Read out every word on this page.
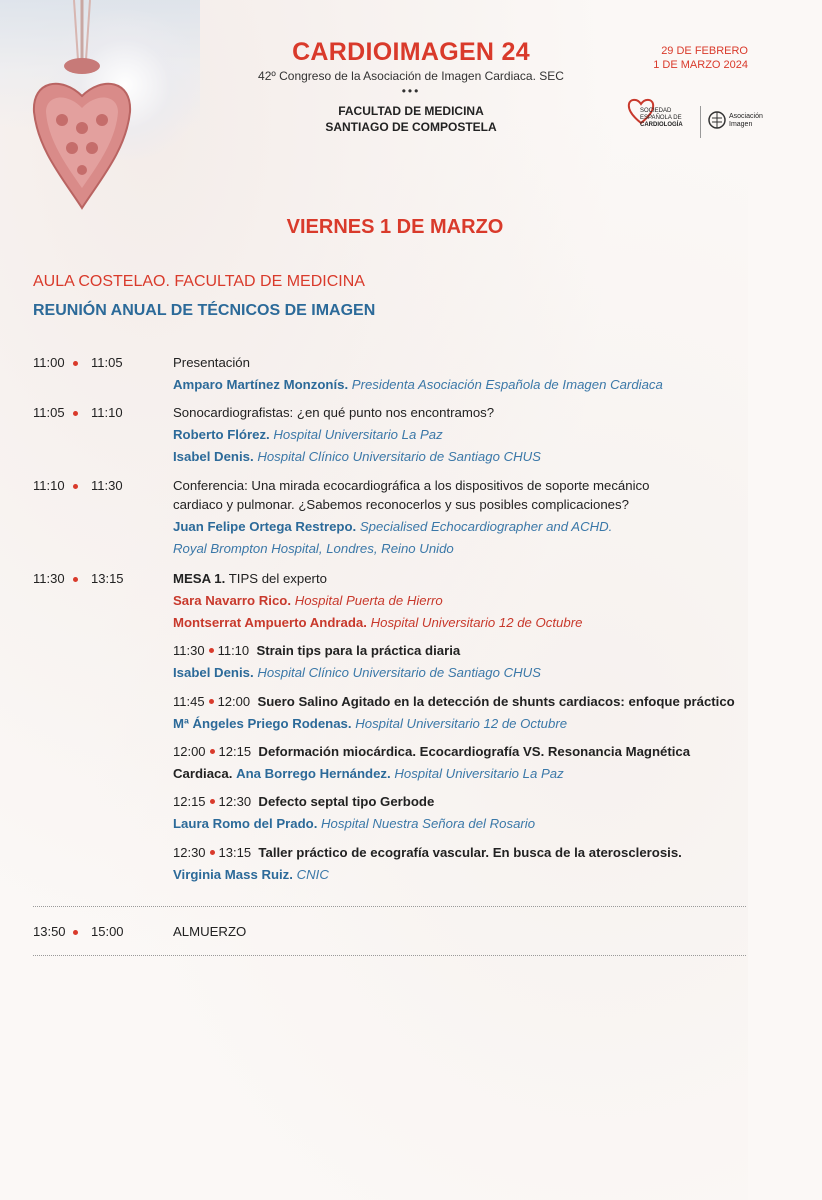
CARDIOIMAGEN 24
42º Congreso de la Asociación de Imagen Cardiaca. SEC
•••
FACULTAD DE MEDICINA
SANTIAGO DE COMPOSTELA
29 DE FEBRERO
1 DE MARZO 2024
SOCIEDAD
ESPAÑOLA DE
CARDIOLOGÍA
Asociación
Imagen
VIERNES 1 DE MARZO
AULA COSTELAO. FACULTAD DE MEDICINA
REUNIÓN ANUAL DE TÉCNICOS DE IMAGEN
11:00 11:05	Presentación
Amparo Martínez Monzonís. Presidenta Asociación Española de Imagen Cardiaca
11:05 11:10	Sonocardiografistas: ¿en qué punto nos encontramos?
Roberto Flórez. Hospital Universitario La Paz
Isabel Denis. Hospital Clínico Universitario de Santiago CHUS
11:10 11:30	Conferencia: Una mirada ecocardiográfica a los dispositivos de soporte mecánico
cardiaco y pulmonar. ¿Sabemos reconocerlos y sus posibles complicaciones?
Juan Felipe Ortega Restrepo. Specialised Echocardiographer and ACHD.
Royal Brompton Hospital, Londres, Reino Unido
11:30 13:15	MESA 1. TIPS del experto
Sara Navarro Rico. Hospital Puerta de Hierro
Montserrat Ampuerto Andrada. Hospital Universitario 12 de Octubre
11:30 11:10 Strain tips para la práctica diaria
Isabel Denis. Hospital Clínico Universitario de Santiago CHUS
11:45 12:00 Suero Salino Agitado en la detección de shunts cardiacos: enfoque práctico
Mª Ángeles Priego Rodenas. Hospital Universitario 12 de Octubre
12:00 12:15 Deformación miocárdica. Ecocardiografía VS. Resonancia Magnética
Cardiaca. Ana Borrego Hernández. Hospital Universitario La Paz
12:15 12:30 Defecto septal tipo Gerbode
Laura Romo del Prado. Hospital Nuestra Señora del Rosario
12:30 13:15 Taller práctico de ecografía vascular. En busca de la aterosclerosis.
Virginia Mass Ruiz. CNIC
13:50 15:00	ALMUERZO
